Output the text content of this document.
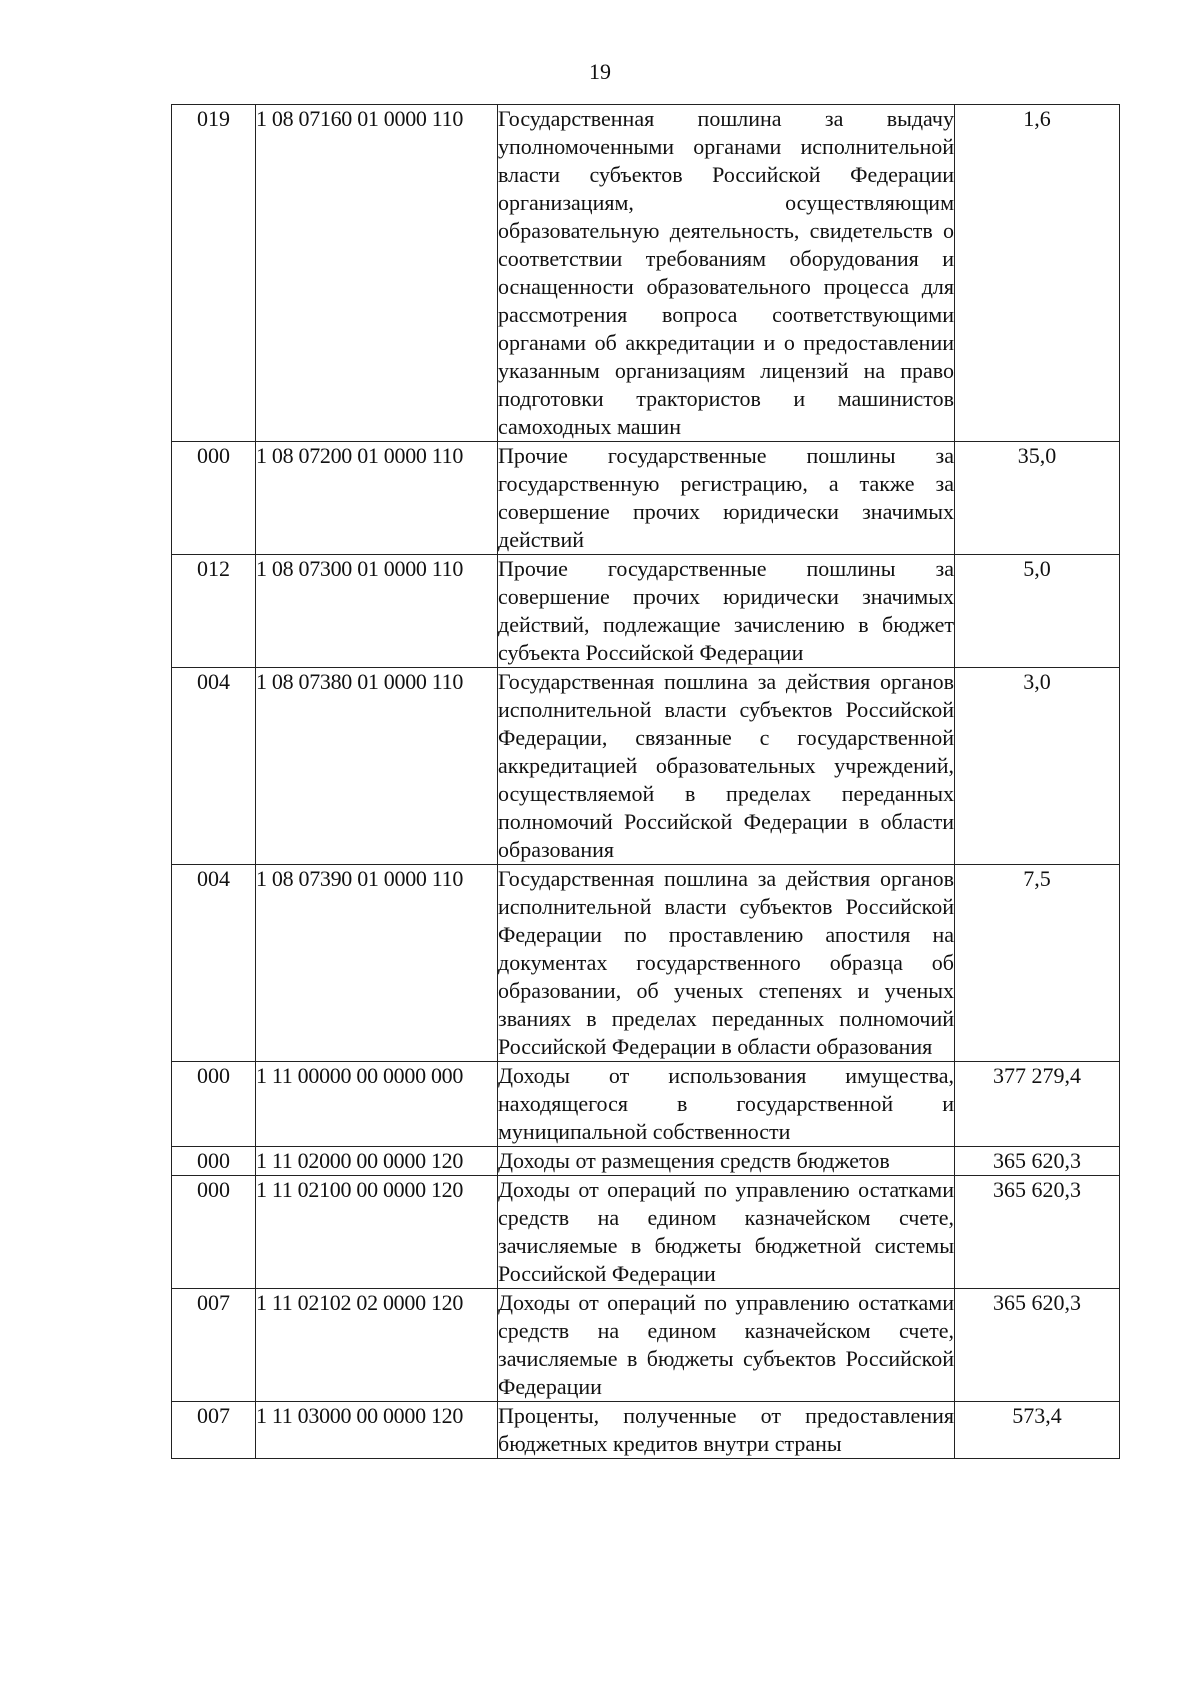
19
019	1 08 07160 01 0000 110	Государственная пошлина за выдачу уполномоченными органами исполнительной власти субъектов Российской Федерации организациям, осуществляющим образовательную деятельность, свидетельств о соответствии требованиям оборудования и оснащенности образовательного процесса для рассмотрения вопроса соответствующими органами об аккредитации и о предоставлении указанным организациям лицензий на право подготовки трактористов и машинистов самоходных машин	1,6
000	1 08 07200 01 0000 110	Прочие государственные пошлины за государственную регистрацию, а также за совершение прочих юридически значимых действий	35,0
012	1 08 07300 01 0000 110	Прочие государственные пошлины за совершение прочих юридически значимых действий, подлежащие зачислению в бюджет субъекта Российской Федерации	5,0
004	1 08 07380 01 0000 110	Государственная пошлина за действия органов исполнительной власти субъектов Российской Федерации, связанные с государственной аккредитацией образовательных учреждений, осуществляемой в пределах переданных полномочий Российской Федерации в области образования	3,0
004	1 08 07390 01 0000 110	Государственная пошлина за действия органов исполнительной власти субъектов Российской Федерации по проставлению апостиля на документах государственного образца об образовании, об ученых степенях и ученых званиях в пределах переданных полномочий Российской Федерации в области образования	7,5
000	1 11 00000 00 0000 000	Доходы от использования имущества, находящегося в государственной и муниципальной собственности	377 279,4
000	1 11 02000 00 0000 120	Доходы от размещения средств бюджетов	365 620,3
000	1 11 02100 00 0000 120	Доходы от операций по управлению остатками средств на едином казначейском счете, зачисляемые в бюджеты бюджетной системы Российской Федерации	365 620,3
007	1 11 02102 02 0000 120	Доходы от операций по управлению остатками средств на едином казначейском счете, зачисляемые в бюджеты субъектов Российской Федерации	365 620,3
007	1 11 03000 00 0000 120	Проценты, полученные от предоставления бюджетных кредитов внутри страны	573,4
